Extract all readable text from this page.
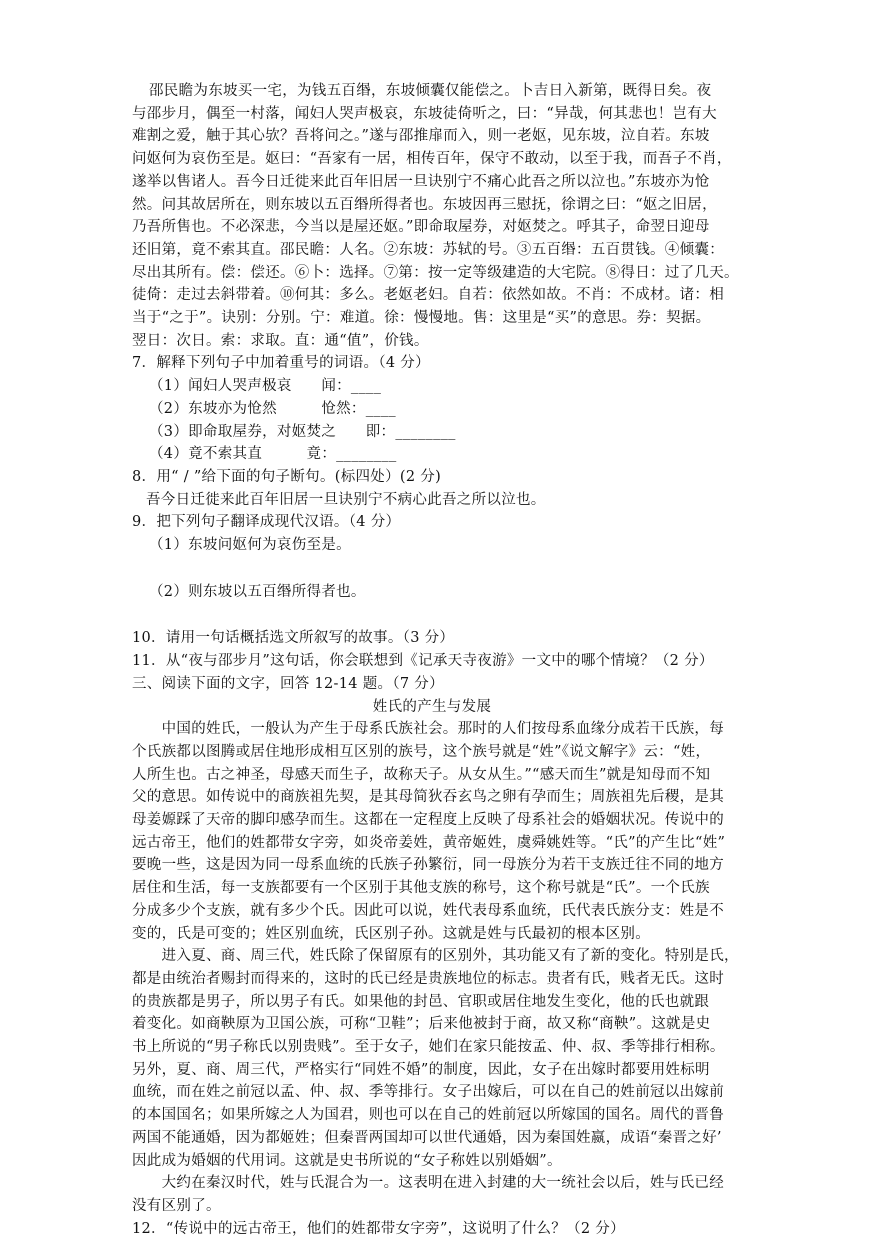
邵民瞻为东坡买一宅，为钱五百缗，东坡倾囊仅能偿之。卜吉日入新第，既得日矣。夜
与邵步月，偶至一村落，闻妇人哭声极哀，东坡徒倚听之，曰：“异哉，何其悲也！岂有大
难割之爱，触于其心欤？吾将问之。”遂与邵推扉而入，则一老妪，见东坡，泣自若。东坡
问妪何为哀伤至是。妪曰：“吾家有一居，相传百年，保守不敢动，以至于我，而吾子不肖，
遂举以售诸人。吾今日迁徙来此百年旧居一旦诀别宁不痛心此吾之所以泣也。”东坡亦为怆
然。问其故居所在，则东坡以五百缗所得者也。东坡因再三慰抚，徐谓之曰：“妪之旧居，
乃吾所售也。不必深悲，今当以是屋还妪。”即命取屋券，对妪焚之。呼其子，命翌日迎母
还旧第，竟不索其直。邵民瞻：人名。②东坡：苏轼的号。③五百缗：五百贯钱。④倾囊：
尽出其所有。偿：偿还。⑥卜：选择。⑦第：按一定等级建造的大宅院。⑧得日：过了几天。
徒倚：走过去斜带着。⑩何其：多么。老妪老妇。自若：依然如故。不肖：不成材。诸：相
当于“之于”。诀别：分别。宁：难道。徐：慢慢地。售：这里是“买”的意思。券：契据。
翌日：次日。索：求取。直：通“值”，价钱。
7．解释下列句子中加着重号的词语。（4 分）
（1）闻妇人哭声极哀　　闻：____
（2）东坡亦为怆然　　　怆然：____
（3）即命取屋券，对妪焚之　　即：________
（4）竟不索其直　　　竟：________
8．用“ / ”给下面的句子断句。(标四处）(2 分)
吾今日迁徙来此百年旧居一旦诀别宁不病心此吾之所以泣也。
9．把下列句子翻译成现代汉语。（4 分）
（1）东坡问妪何为哀伤至是。
（2）则东坡以五百缗所得者也。
10．请用一句话概括选文所叙写的故事。（3 分）
11．从“夜与邵步月”这句话，你会联想到《记承天寺夜游》一文中的哪个情境？（2 分）
三、阅读下面的文字，回答 12-14 题。（7 分）
姓氏的产生与发展
　　中国的姓氏，一般认为产生于母系氏族社会。那时的人们按母系血缘分成若干氏族，每
个氏族都以图腾或居住地形成相互区别的族号，这个族号就是“姓”《说文解字》云：“姓，
人所生也。古之神圣，母感天而生子，故称天子。从女从生。”“感天而生”就是知母而不知
父的意思。如传说中的商族祖先契，是其母简狄吞玄鸟之卵有孕而生；周族祖先后稷，是其
母姜嫄踩了天帝的脚印感孕而生。这都在一定程度上反映了母系社会的婚姻状况。传说中的
远古帝王，他们的姓都带女字旁，如炎帝姜姓，黄帝姬姓，虞舜姚姓等。“氏”的产生比“姓”
要晚一些，这是因为同一母系血统的氏族子孙繁衍，同一母族分为若干支族迁往不同的地方
居住和生活，每一支族都要有一个区别于其他支族的称号，这个称号就是“氏”。一个氏族
分成多少个支族，就有多少个氏。因此可以说，姓代表母系血统，氏代表氏族分支：姓是不
变的，氏是可变的；姓区别血统，氏区别子孙。这就是姓与氏最初的根本区别。
　　进入夏、商、周三代，姓氏除了保留原有的区别外，其功能又有了新的变化。特别是氏，
都是由统治者赐封而得来的，这时的氏已经是贵族地位的标志。贵者有氏，贱者无氏。这时
的贵族都是男子，所以男子有氏。如果他的封邑、官职或居住地发生变化，他的氏也就跟
着变化。如商鞅原为卫国公族，可称“卫鞋”；后来他被封于商，故又称“商鞅”。这就是史
书上所说的“男子称氏以别贵贱”。至于女子，她们在家只能按孟、仲、叔、季等排行相称。
另外，夏、商、周三代，严格实行“同姓不婚”的制度，因此，女子在出嫁时都要用姓标明
血统，而在姓之前冠以孟、仲、叔、季等排行。女子出嫁后，可以在自己的姓前冠以出嫁前
的本国国名；如果所嫁之人为国君，则也可以在自己的姓前冠以所嫁国的国名。周代的晋鲁
两国不能通婚，因为都姬姓；但秦晋两国却可以世代通婚，因为秦国姓嬴，成语“秦晋之好’
因此成为婚姻的代用词。这就是史书所说的“女子称姓以别婚姻”。
　　大约在秦汉时代，姓与氏混合为一。这表明在进入封建的大一统社会以后，姓与氏已经
没有区别了。
12．“传说中的远古帝王，他们的姓都带女字旁”，这说明了什么？（2 分）
